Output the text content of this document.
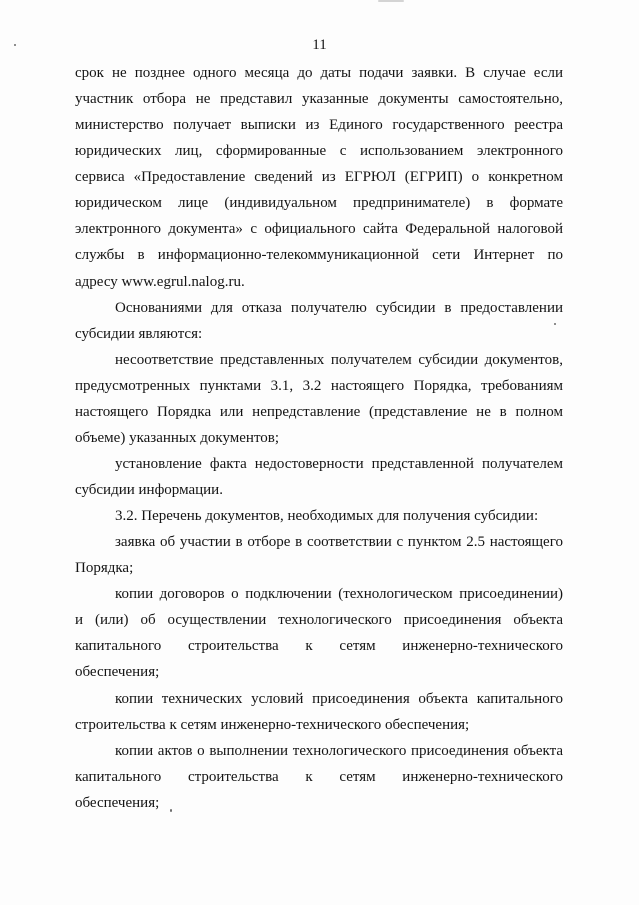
11
срок не позднее одного месяца до даты подачи заявки. В случае если
участник отбора не представил указанные документы самостоятельно,
министерство получает выписки из Единого государственного реестра
юридических лиц, сформированные с использованием электронного
сервиса «Предоставление сведений из ЕГРЮЛ (ЕГРИП) о конкретном
юридическом лице (индивидуальном предпринимателе) в формате
электронного документа» с официального сайта Федеральной налоговой
службы в информационно-телекоммуникационной сети Интернет по
адресу www.egrul.nalog.ru.
Основаниями для отказа получателю субсидии в предоставлении
субсидии являются:
несоответствие представленных получателем субсидии документов,
предусмотренных пунктами 3.1, 3.2 настоящего Порядка, требованиям
настоящего Порядка или непредставление (представление не в полном
объеме) указанных документов;
установление факта недостоверности представленной получателем
субсидии информации.
3.2. Перечень документов, необходимых для получения субсидии:
заявка об участии в отборе в соответствии с пунктом 2.5 настоящего
Порядка;
копии договоров о подключении (технологическом присоединении)
и (или) об осуществлении технологического присоединения объекта
капитального строительства к сетям инженерно-технического
обеспечения;
копии технических условий присоединения объекта капитального
строительства к сетям инженерно-технического обеспечения;
копии актов о выполнении технологического присоединения объекта
капитального строительства к сетям инженерно-технического
обеспечения;
